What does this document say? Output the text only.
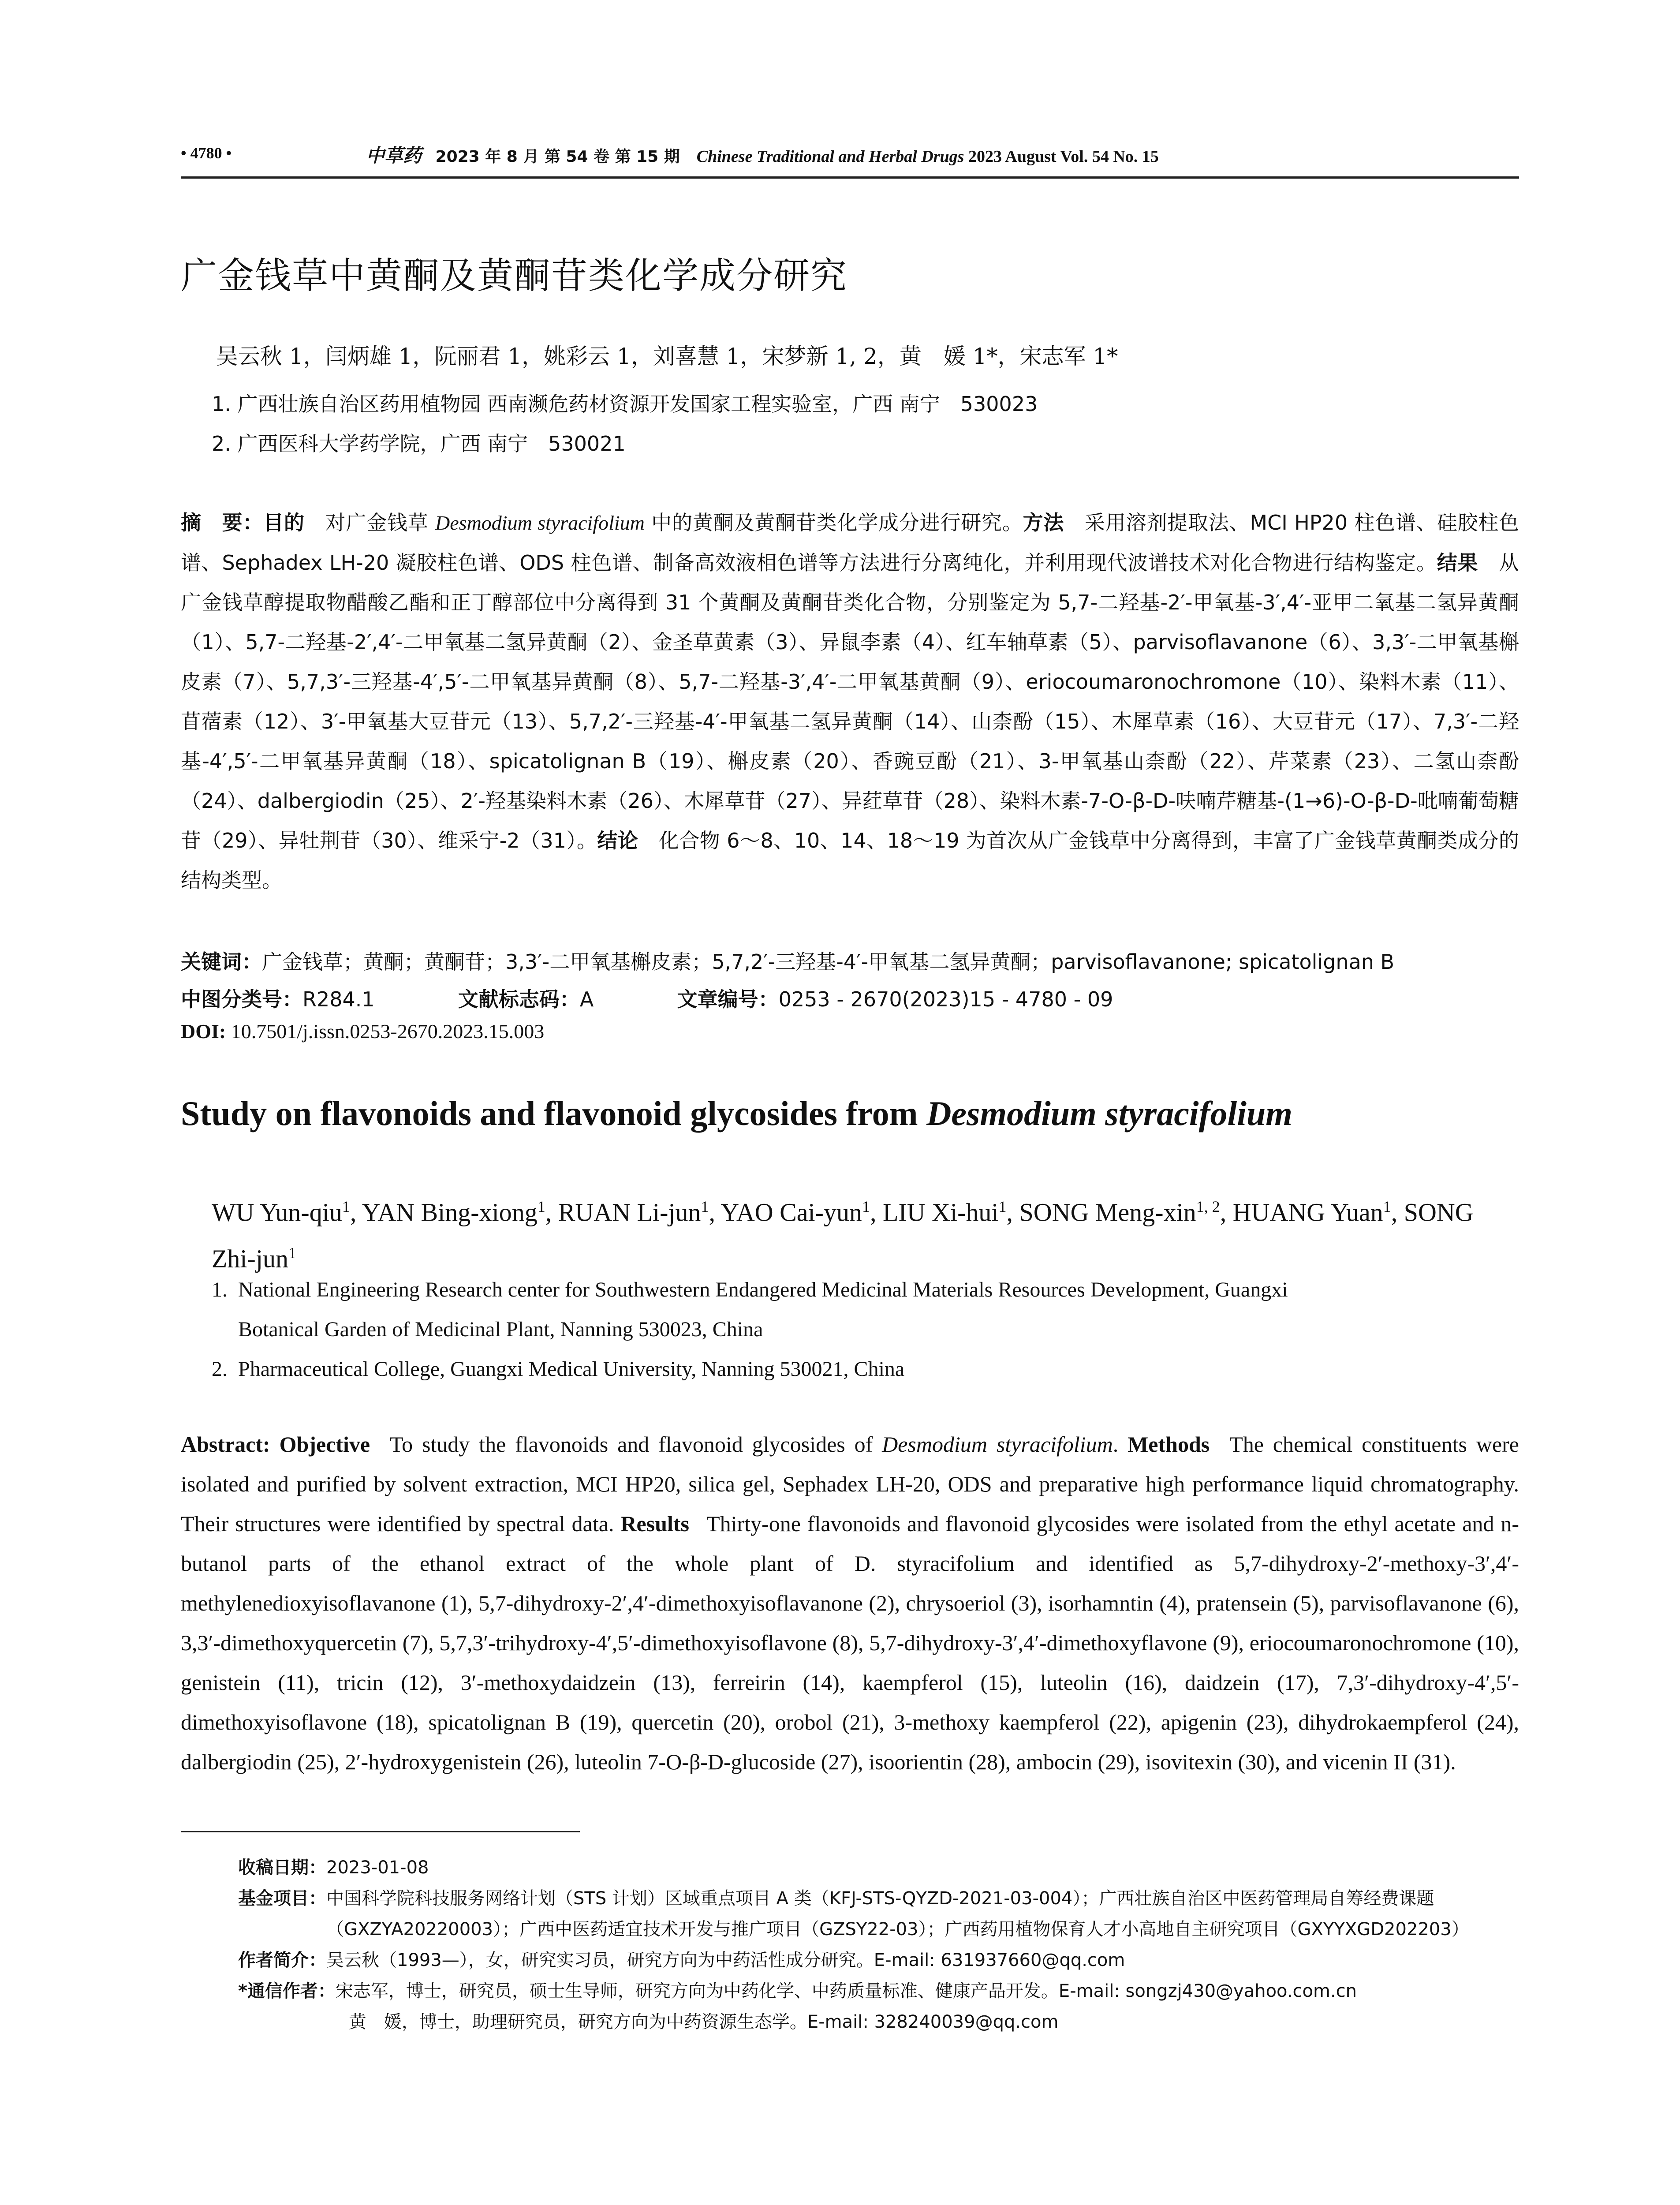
• 4780 •	中草药 2023 年 8 月 第 54 卷 第 15 期 Chinese Traditional and Herbal Drugs 2023 August Vol. 54 No. 15
广金钱草中黄酮及黄酮苷类化学成分研究
吴云秋 1，闫炳雄 1，阮丽君 1，姚彩云 1，刘喜慧 1，宋梦新 1, 2，黄　媛 1*，宋志军 1*
1. 广西壮族自治区药用植物园 西南濒危药材资源开发国家工程实验室，广西 南宁　530023
2. 广西医科大学药学院，广西 南宁　530021
摘　要：目的  对广金钱草 Desmodium styracifolium 中的黄酮及黄酮苷类化学成分进行研究。方法  采用溶剂提取法、MCI HP20 柱色谱、硅胶柱色谱、Sephadex LH-20 凝胶柱色谱、ODS 柱色谱、制备高效液相色谱等方法进行分离纯化，并利用现代波谱技术对化合物进行结构鉴定。结果  从广金钱草醇提取物醋酸乙酯和正丁醇部位中分离得到 31 个黄酮及黄酮苷类化合物，分别鉴定为 5,7-二羟基-2′-甲氧基-3′,4′-亚甲二氧基二氢异黄酮（1）、5,7-二羟基-2′,4′-二甲氧基二氢异黄酮（2）、金圣草黄素（3）、异鼠李素（4）、红车轴草素（5）、parvisoflavanone（6）、3,3′-二甲氧基槲皮素（7）、5,7,3′-三羟基-4′,5′-二甲氧基异黄酮（8）、5,7-二羟基-3′,4′-二甲氧基黄酮（9）、eriocoumaronochromone（10）、染料木素（11）、苜蓿素（12）、3′-甲氧基大豆苷元（13）、5,7,2′-三羟基-4′-甲氧基二氢异黄酮（14）、山柰酚（15）、木犀草素（16）、大豆苷元（17）、7,3′-二羟基-4′,5′-二甲氧基异黄酮（18）、spicatolignan B（19）、槲皮素（20）、香豌豆酚（21）、3-甲氧基山柰酚（22）、芹菜素（23）、二氢山柰酚（24）、dalbergiodin（25）、2′-羟基染料木素（26）、木犀草苷（27）、异荭草苷（28）、染料木素-7-O-β-D-呋喃芹糖基-(1→6)-O-β-D-吡喃葡萄糖苷（29）、异牡荆苷（30）、维采宁-2（31）。结论  化合物 6～8、10、14、18～19 为首次从广金钱草中分离得到，丰富了广金钱草黄酮类成分的结构类型。
关键词：广金钱草；黄酮；黄酮苷；3,3′-二甲氧基槲皮素；5,7,2′-三羟基-4′-甲氧基二氢异黄酮；parvisoflavanone; spicatolignan B
中图分类号：R284.1	文献标志码：A	文章编号：0253 - 2670(2023)15 - 4780 - 09
DOI: 10.7501/j.issn.0253-2670.2023.15.003
Study on flavonoids and flavonoid glycosides from Desmodium styracifolium
WU Yun-qiu$^1$, YAN Bing-xiong$^1$, RUAN Li-jun$^1$, YAO Cai-yun$^1$, LIU Xi-hui$^1$, SONG Meng-xin$^{1, 2}$, HUANG Yuan$^1$, SONG Zhi-jun$^1$
1. National Engineering Research center for Southwestern Endangered Medicinal Materials Resources Development, Guangxi
Botanical Garden of Medicinal Plant, Nanning 530023, China
2. Pharmaceutical College, Guangxi Medical University, Nanning 530021, China
Abstract: Objective  To study the flavonoids and flavonoid glycosides of Desmodium styracifolium. Methods  The chemical constituents were isolated and purified by solvent extraction, MCI HP20, silica gel, Sephadex LH-20, ODS and preparative high performance liquid chromatography. Their structures were identified by spectral data. Results  Thirty-one flavonoids and flavonoid glycosides were isolated from the ethyl acetate and n-butanol parts of the ethanol extract of the whole plant of D. styracifolium and identified as 5,7-dihydroxy-2′-methoxy-3′,4′-methylenedioxyisoflavanone (1), 5,7-dihydroxy-2′,4′-dimethoxyisoflavanone (2), chrysoeriol (3), isorhamntin (4), pratensein (5), parvisoflavanone (6), 3,3′-dimethoxyquercetin (7), 5,7,3′-trihydroxy-4′,5′-dimethoxyisoflavone (8), 5,7-dihydroxy-3′,4′-dimethoxyflavone (9), eriocoumaronochromone (10), genistein (11), tricin (12), 3′-methoxydaidzein (13), ferreirin (14), kaempferol (15), luteolin (16), daidzein (17), 7,3′-dihydroxy-4′,5′-dimethoxyisoflavone (18), spicatolignan B (19), quercetin (20), orobol (21), 3-methoxy kaempferol (22), apigenin (23), dihydrokaempferol (24), dalbergiodin (25), 2′-hydroxygenistein (26), luteolin 7-O-β-D-glucoside (27), isoorientin (28), ambocin (29), isovitexin (30), and vicenin II (31).
收稿日期： 2023-01-08
基金项目： 中国科学院科技服务网络计划（STS 计划）区域重点项目 A 类（KFJ-STS-QYZD-2021-03-004）；广西壮族自治区中医药管理局自筹经费课题（GXZYA20220003）；广西中医药适宜技术开发与推广项目（GZSY22-03）；广西药用植物保育人才小高地自主研究项目（GXYYXGD202203）
作者简介： 吴云秋（1993—），女，研究实习员，研究方向为中药活性成分研究。E-mail: 631937660@qq.com
*通信作者： 宋志军，博士，研究员，硕士生导师，研究方向为中药化学、中药质量标准、健康产品开发。E-mail: songzj430@yahoo.com.cn
黄　媛，博士，助理研究员，研究方向为中药资源生态学。E-mail: 328240039@qq.com
